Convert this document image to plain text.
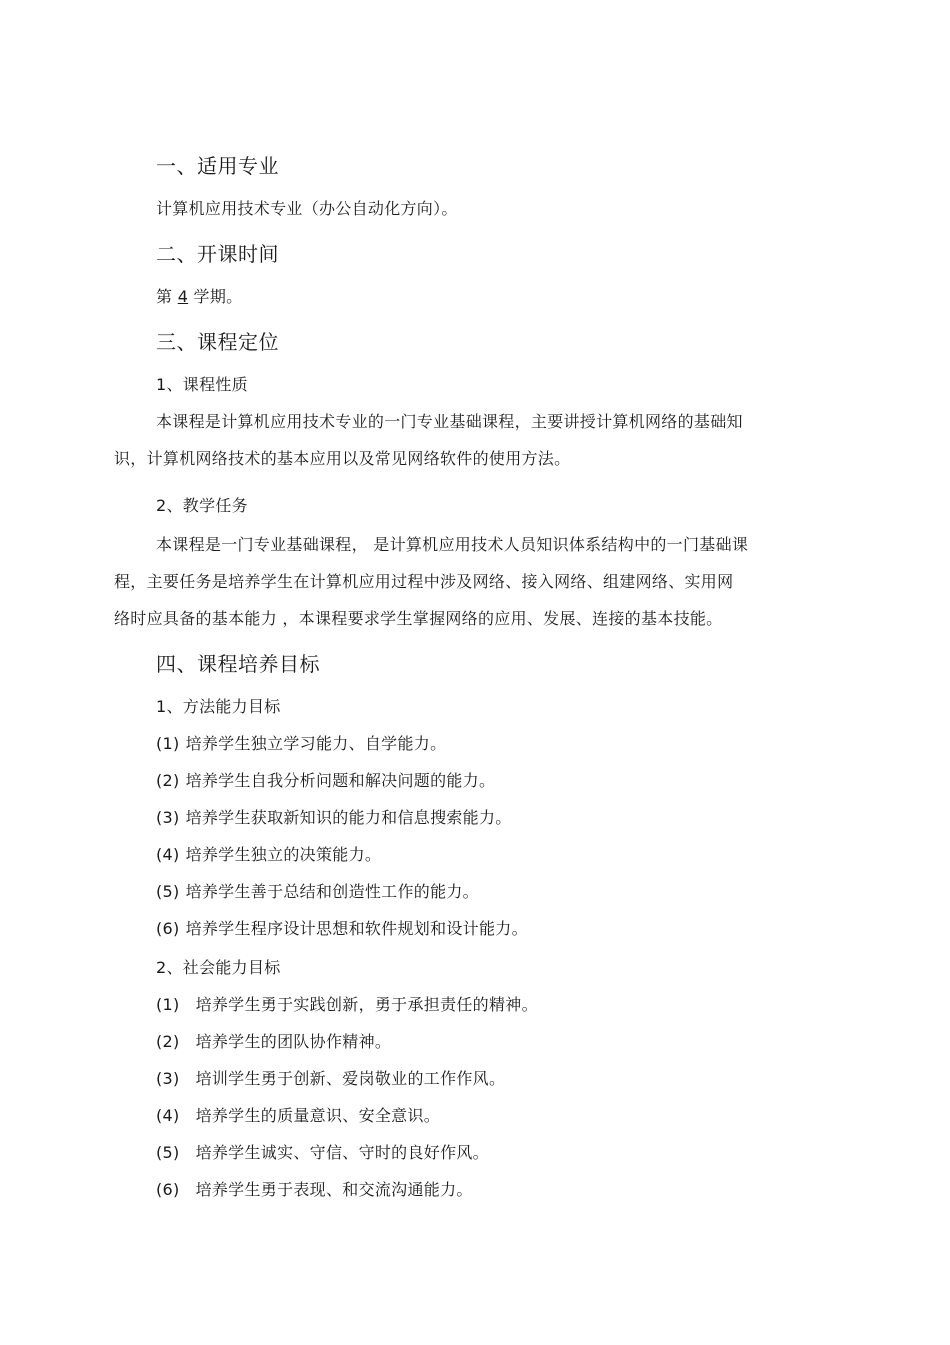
一、适用专业

计算机应用技术专业（办公自动化方向）。

二、开课时间

第 4 学期。

三、课程定位

1、课程性质

本课程是计算机应用技术专业的一门专业基础课程，主要讲授计算机网络的基础知

识，计算机网络技术的基本应用以及常见网络软件的使用方法。

2、教学任务

本课程是一门专业基础课程， 是计算机应用技术人员知识体系结构中的一门基础课

程，主要任务是培养学生在计算机应用过程中涉及网络、接入网络、组建网络、实用网

络时应具备的基本能力 ，本课程要求学生掌握网络的应用、发展、连接的基本技能。

四、课程培养目标

1、方法能力目标

(1) 培养学生独立学习能力、自学能力。

(2) 培养学生自我分析问题和解决问题的能力。

(3) 培养学生获取新知识的能力和信息搜索能力。

(4) 培养学生独立的决策能力。

(5) 培养学生善于总结和创造性工作的能力。

(6) 培养学生程序设计思想和软件规划和设计能力。

2、社会能力目标

(1) 培养学生勇于实践创新，勇于承担责任的精神。

(2) 培养学生的团队协作精神。

(3) 培训学生勇于创新、爱岗敬业的工作作风。

(4) 培养学生的质量意识、安全意识。

(5) 培养学生诚实、守信、守时的良好作风。

(6) 培养学生勇于表现、和交流沟通能力。
